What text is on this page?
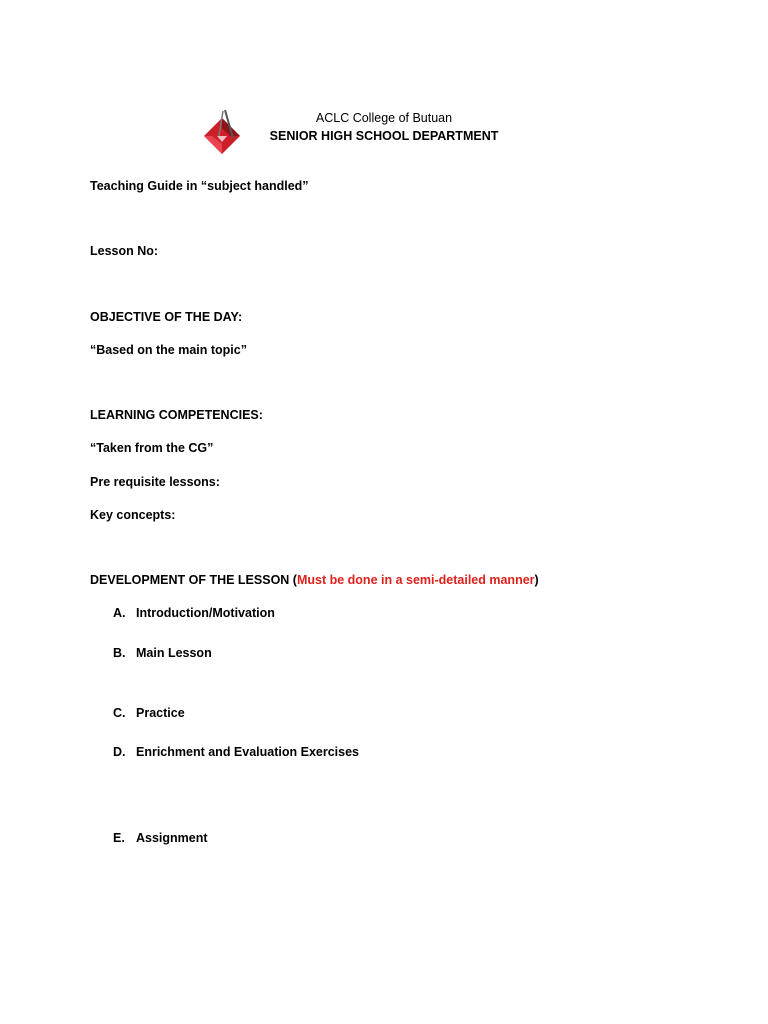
ACLC College of Butuan
SENIOR HIGH SCHOOL DEPARTMENT
Teaching Guide in “subject handled”
Lesson No:
OBJECTIVE OF THE DAY:
“Based on the main topic”
LEARNING COMPETENCIES:
“Taken from the CG”
Pre requisite lessons:
Key concepts:
DEVELOPMENT OF THE LESSON (Must be done in a semi-detailed manner)
A. Introduction/Motivation
B. Main Lesson
C. Practice
D. Enrichment and Evaluation Exercises
E. Assignment
